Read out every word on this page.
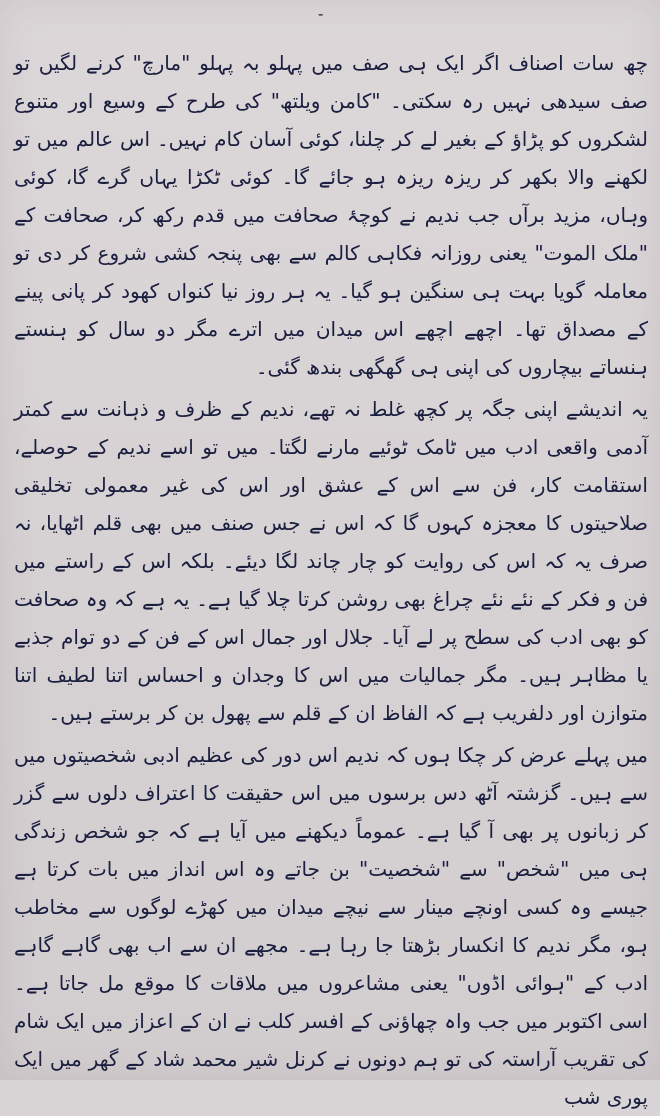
-

چھ سات اصناف اگر ایک ہی صف میں پہلو بہ پہلو "مارچ" کرنے لگیں تو صف سیدھی نہیں رہ سکتی۔ "کامن ویلتھ" کی طرح کے وسیع اور متنوع لشکروں کو پڑاؤ کے بغیر لے کر چلنا، کوئی آسان کام نہیں۔ اس عالم میں تو لکھنے والا بکھر کر ریزہ ریزہ ہو جائے گا۔ کوئی ٹکڑا یہاں گرے گا، کوئی وہاں، مزید برآں جب ندیم نے کوچۂ صحافت میں قدم رکھ کر، صحافت کے "ملک الموت" یعنی روزانہ فکاہی کالم سے بھی پنجہ کشی شروع کر دی تو معاملہ گویا بہت ہی سنگین ہو گیا۔ یہ ہر روز نیا کنواں کھود کر پانی پینے کے مصداق تھا۔ اچھے اچھے اس میدان میں اترے مگر دو سال کو ہنستے ہنساتے بیچاروں کی اپنی ہی گھگھی بندھ گئی۔

یہ اندیشے اپنی جگہ پر کچھ غلط نہ تھے، ندیم کے ظرف و ذہانت سے کمتر آدمی واقعی ادب میں ٹامک ٹوئیے مارنے لگتا۔ میں تو اسے ندیم کے حوصلے، استقامت کار، فن سے اس کے عشق اور اس کی غیر معمولی تخلیقی صلاحیتوں کا معجزہ کہوں گا کہ اس نے جس صنف میں بھی قلم اٹھایا، نہ صرف یہ کہ اس کی روایت کو چار چاند لگا دیئے۔ بلکہ اس کے راستے میں فن و فکر کے نئے نئے چراغ بھی روشن کرتا چلا گیا ہے۔ یہ ہے کہ وہ صحافت کو بھی ادب کی سطح پر لے آیا۔ جلال اور جمال اس کے فن کے دو توام جذبے یا مظاہر ہیں۔ مگر جمالیات میں اس کا وجدان و احساس اتنا لطیف اتنا متوازن اور دلفریب ہے کہ الفاظ ان کے قلم سے پھول بن کر برستے ہیں۔

میں پہلے عرض کر چکا ہوں کہ ندیم اس دور کی عظیم ادبی شخصیتوں میں سے ہیں۔ گزشتہ آٹھ دس برسوں میں اس حقیقت کا اعتراف دلوں سے گزر کر زبانوں پر بھی آ گیا ہے۔ عموماً دیکھنے میں آیا ہے کہ جو شخص زندگی ہی میں "شخص" سے "شخصیت" بن جاتے وہ اس انداز میں بات کرتا ہے جیسے وہ کسی اونچے مینار سے نیچے میدان میں کھڑے لوگوں سے مخاطب ہو، مگر ندیم کا انکسار بڑھتا جا رہا ہے۔ مجھے ان سے اب بھی گاہے گاہے ادب کے "ہوائی اڈوں" یعنی مشاعروں میں ملاقات کا موقع مل جاتا ہے۔ اسی اکتوبر میں جب واہ چھاؤنی کے افسر کلب نے ان کے اعزاز میں ایک شام کی تقریب آراستہ کی تو ہم دونوں نے کرنل شیر محمد شاد کے گھر میں ایک پوری شب
